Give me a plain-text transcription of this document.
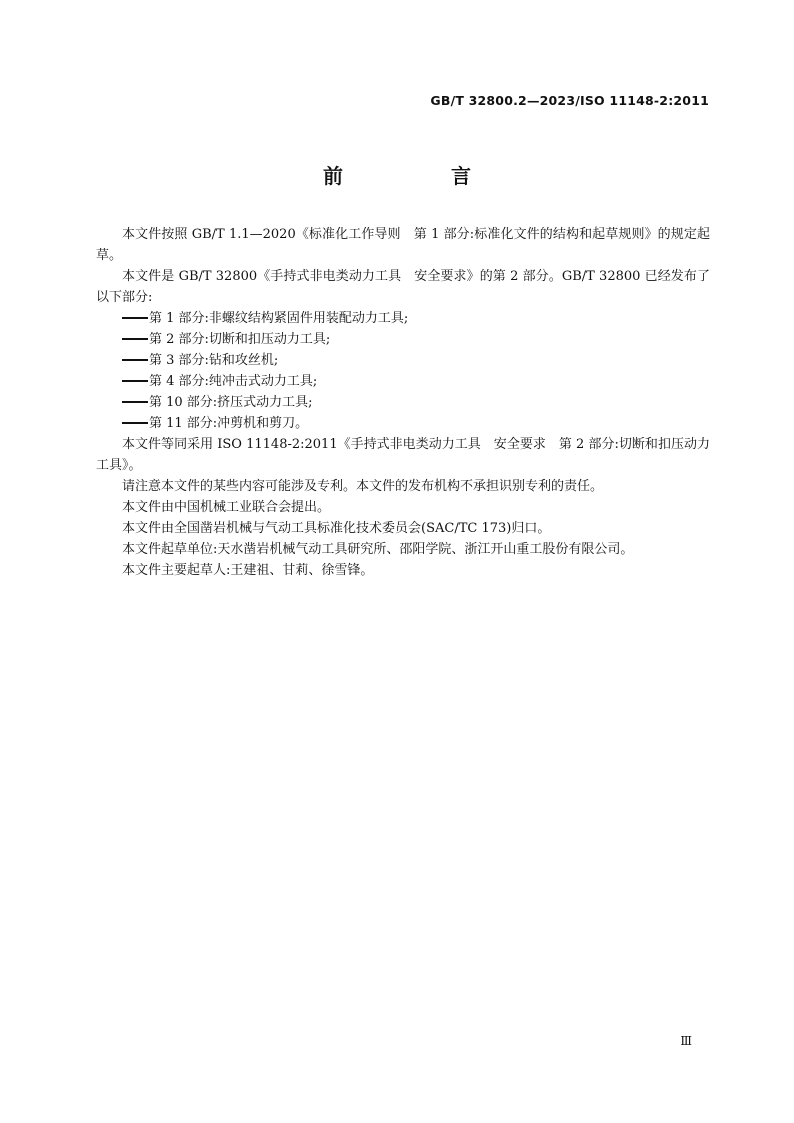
GB/T 32800.2—2023/ISO 11148-2:2011
前　言

本文件按照 GB/T 1.1—2020《标准化工作导则　第 1 部分:标准化文件的结构和起草规则》的规定起草。

本文件是 GB/T 32800《手持式非电类动力工具　安全要求》的第 2 部分。GB/T 32800 已经发布了以下部分:

第 1 部分:非螺纹结构紧固件用装配动力工具;

第 2 部分:切断和扣压动力工具;

第 3 部分:钻和攻丝机;

第 4 部分:纯冲击式动力工具;

第 10 部分:挤压式动力工具;

第 11 部分:冲剪机和剪刀。

本文件等同采用 ISO 11148-2:2011《手持式非电类动力工具　安全要求　第 2 部分:切断和扣压动力工具》。

请注意本文件的某些内容可能涉及专利。本文件的发布机构不承担识别专利的责任。

本文件由中国机械工业联合会提出。

本文件由全国凿岩机械与气动工具标准化技术委员会(SAC/TC 173)归口。

本文件起草单位:天水凿岩机械气动工具研究所、邵阳学院、浙江开山重工股份有限公司。

本文件主要起草人:王建祖、甘莉、徐雪锋。

Ⅲ
